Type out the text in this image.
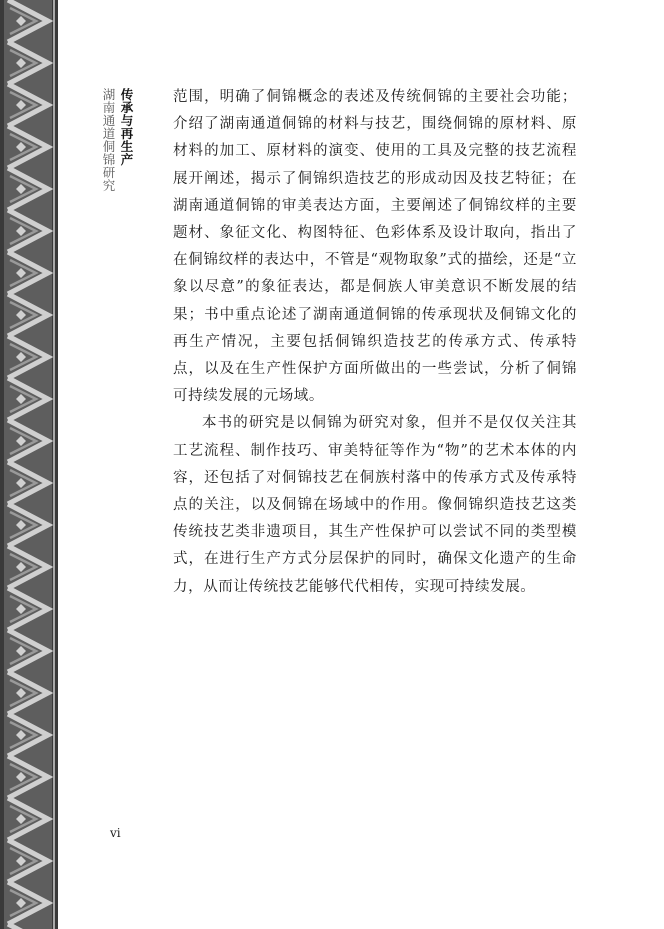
传承与再生产
湖南通道侗锦研究	范围，明确了侗锦概念的表述及传统侗锦的主要社会功能；介绍了湖南通道侗锦的材料与技艺，围绕侗锦的原材料、原材料的加工、原材料的演变、使用的工具及完整的技艺流程展开阐述，揭示了侗锦织造技艺的形成动因及技艺特征；在湖南通道侗锦的审美表达方面，主要阐述了侗锦纹样的主要题材、象征文化、构图特征、色彩体系及设计取向，指出了在侗锦纹样的表达中，不管是“观物取象”式的描绘，还是“立象以尽意”的象征表达，都是侗族人审美意识不断发展的结果；书中重点论述了湖南通道侗锦的传承现状及侗锦文化的再生产情况，主要包括侗锦织造技艺的传承方式、传承特点，以及在生产性保护方面所做出的一些尝试，分析了侗锦可持续发展的元场域。

本书的研究是以侗锦为研究对象，但并不是仅仅关注其工艺流程、制作技巧、审美特征等作为“物”的艺术本体的内容，还包括了对侗锦技艺在侗族村落中的传承方式及传承特点的关注，以及侗锦在场域中的作用。像侗锦织造技艺这类传统技艺类非遗项目，其生产性保护可以尝试不同的类型模式，在进行生产方式分层保护的同时，确保文化遗产的生命力，从而让传统技艺能够代代相传，实现可持续发展。

vi
